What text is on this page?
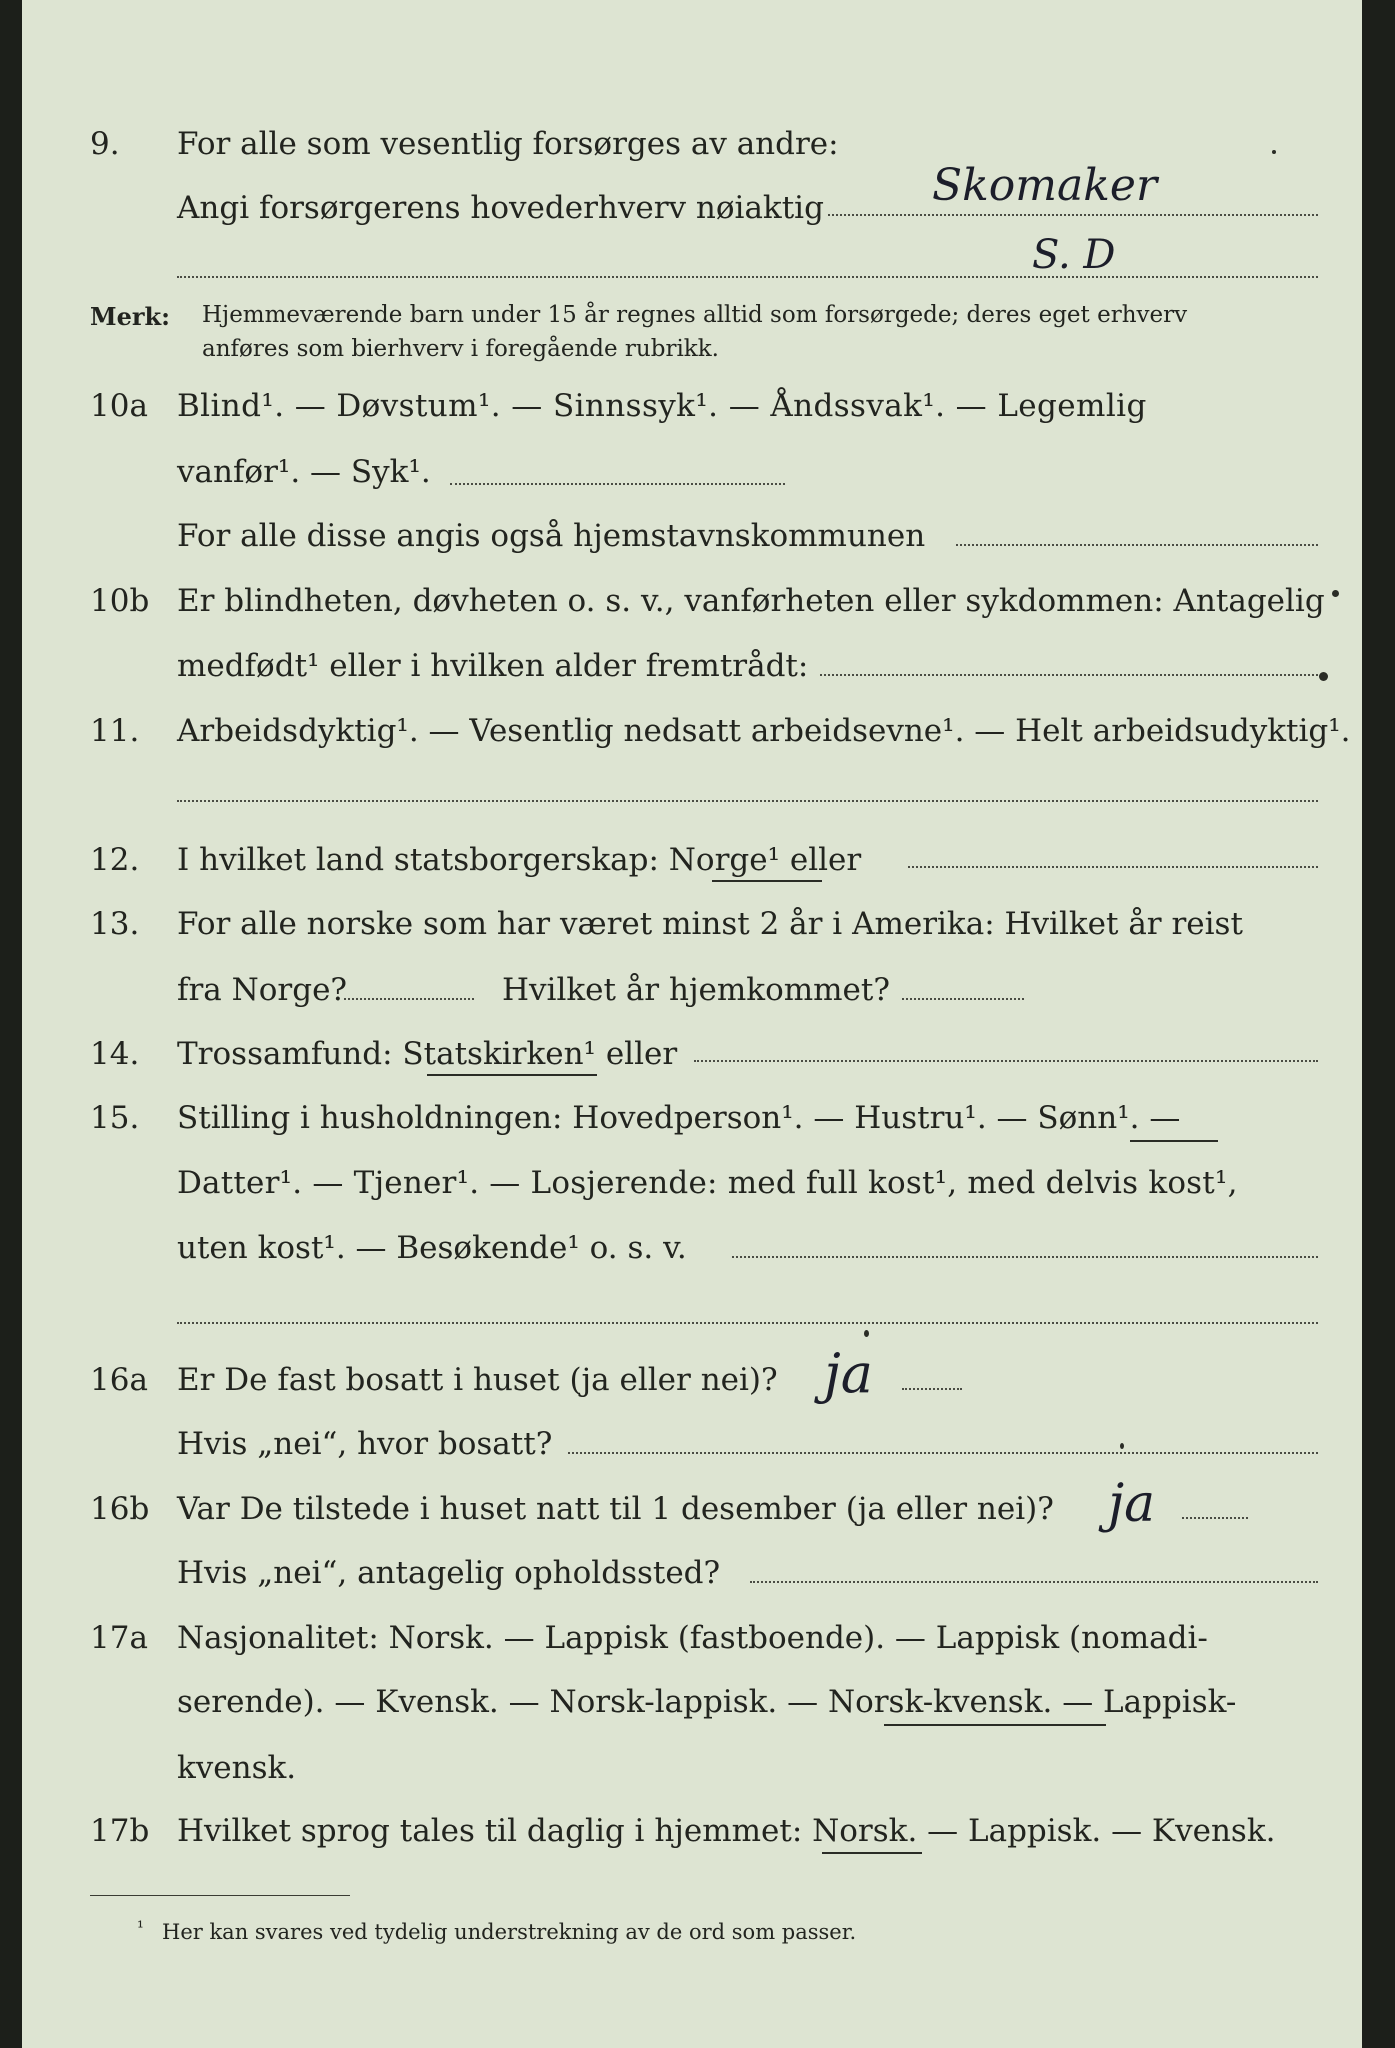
9. For alle som vesentlig forsørges av andre:
Angi forsørgerens hovederhverv nøiaktig Skomaker
S. D
Merk: Hjemmeværende barn under 15 år regnes alltid som forsørgede; deres eget erhverv
anføres som bierhverv i foregående rubrikk.
10a Blind¹. — Døvstum¹. — Sinnssyk¹. — Åndssvak¹. — Legemlig
vanfør¹. — Syk¹.
For alle disse angis også hjemstavnskommunen
10b Er blindheten, døvheten o. s. v., vanførheten eller sykdommen: Antagelig
medfødt¹ eller i hvilken alder fremtrådt:
11. Arbeidsdyktig¹. — Vesentlig nedsatt arbeidsevne¹. — Helt arbeidsudyktig¹.
12. I hvilket land statsborgerskap: Norge¹ eller
13. For alle norske som har været minst 2 år i Amerika: Hvilket år reist
fra Norge?	Hvilket år hjemkommet?
14. Trossamfund: Statskirken¹ eller
15. Stilling i husholdningen: Hovedperson¹. — Hustru¹. — Sønn¹. —
Datter¹. — Tjener¹. — Losjerende: med full kost¹, med delvis kost¹,
uten kost¹. — Besøkende¹ o. s. v.
16a Er De fast bosatt i huset (ja eller nei)? ja
Hvis „nei“, hvor bosatt?
16b Var De tilstede i huset natt til 1 desember (ja eller nei)? ja
Hvis „nei“, antagelig opholdssted?
17a Nasjonalitet: Norsk. — Lappisk (fastboende). — Lappisk (nomadi-
serende). — Kvensk. — Norsk-lappisk. — Norsk-kvensk. — Lappisk-
kvensk.
17b Hvilket sprog tales til daglig i hjemmet: Norsk. — Lappisk. — Kvensk.
¹ Her kan svares ved tydelig understrekning av de ord som passer.
